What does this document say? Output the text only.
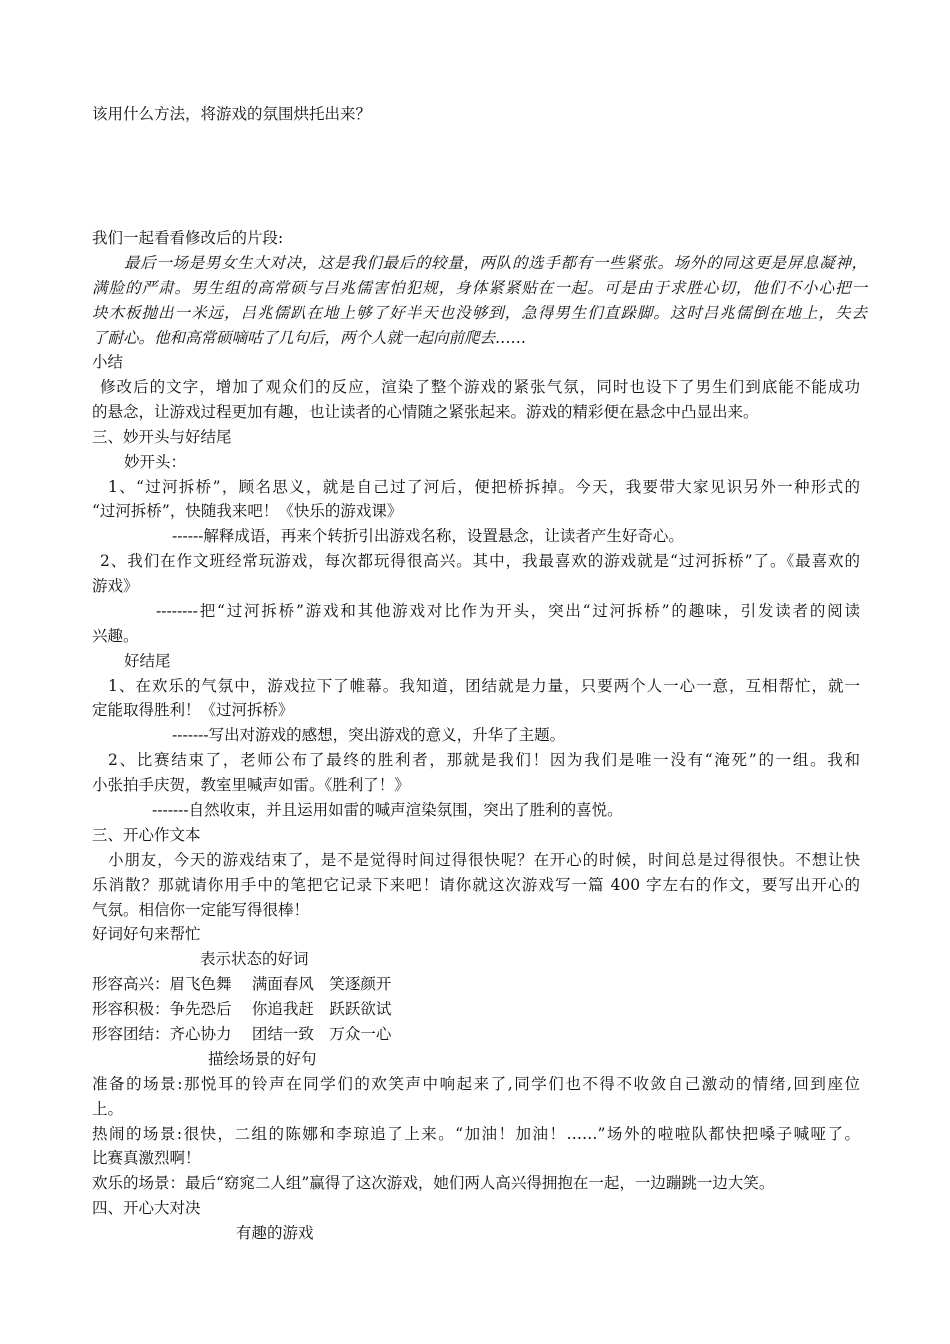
该用什么方法，将游戏的氛围烘托出来？
我们一起看看修改后的片段:
最后一场是男女生大对决，这是我们最后的较量，两队的选手都有一些紧张。场外的同这更是屏息凝神，
满脸的严肃。男生组的高常硕与吕兆儒害怕犯规，身体紧紧贴在一起。可是由于求胜心切，他们不小心把一
块木板抛出一米远，吕兆儒趴在地上够了好半天也没够到，急得男生们直跺脚。这时吕兆儒倒在地上，失去
了耐心。他和高常硕嘀咕了几句后，两个人就一起向前爬去……
小结
修改后的文字，增加了观众们的反应，渲染了整个游戏的紧张气氛，同时也设下了男生们到底能不能成功
的悬念，让游戏过程更加有趣，也让读者的心情随之紧张起来。游戏的精彩便在悬念中凸显出来。
三、妙开头与好结尾
妙开头：
1、“过河拆桥”，顾名思义，就是自己过了河后，便把桥拆掉。今天，我要带大家见识另外一种形式的
“过河拆桥”，快随我来吧！《快乐的游戏课》
------解释成语，再来个转折引出游戏名称，设置悬念，让读者产生好奇心。
2、我们在作文班经常玩游戏，每次都玩得很高兴。其中，我最喜欢的游戏就是“过河拆桥”了。《最喜欢的
游戏》
--------把“过河拆桥”游戏和其他游戏对比作为开头，突出“过河拆桥”的趣味，引发读者的阅读
兴趣。
好结尾
1、在欢乐的气氛中，游戏拉下了帷幕。我知道，团结就是力量，只要两个人一心一意，互相帮忙，就一
定能取得胜利！《过河拆桥》
-------写出对游戏的感想，突出游戏的意义，升华了主题。
2、比赛结束了，老师公布了最终的胜利者，那就是我们！因为我们是唯一没有“淹死”的一组。我和
小张拍手庆贺，教室里喊声如雷。《胜利了！》
-------自然收束，并且运用如雷的喊声渲染氛围，突出了胜利的喜悦。
三、开心作文本
小朋友，今天的游戏结束了，是不是觉得时间过得很快呢？在开心的时候，时间总是过得很快。不想让快
乐消散？那就请你用手中的笔把它记录下来吧！请你就这次游戏写一篇 400 字左右的作文，要写出开心的
气氛。相信你一定能写得很棒！
好词好句来帮忙
表示状态的好词
形容高兴：眉飞色舞　 满面春风　笑逐颜开
形容积极：争先恐后　 你追我赶　跃跃欲试
形容团结：齐心协力　 团结一致　万众一心
描绘场景的好句
准备的场景:那悦耳的铃声在同学们的欢笑声中响起来了,同学们也不得不收敛自己激动的情绪,回到座位
上。
热闹的场景:很快，二组的陈娜和李琼追了上来。“加油！加油！……”场外的啦啦队都快把嗓子喊哑了。
比赛真激烈啊！
欢乐的场景：最后“窈窕二人组”赢得了这次游戏，她们两人高兴得拥抱在一起，一边蹦跳一边大笑。
四、开心大对决
有趣的游戏
